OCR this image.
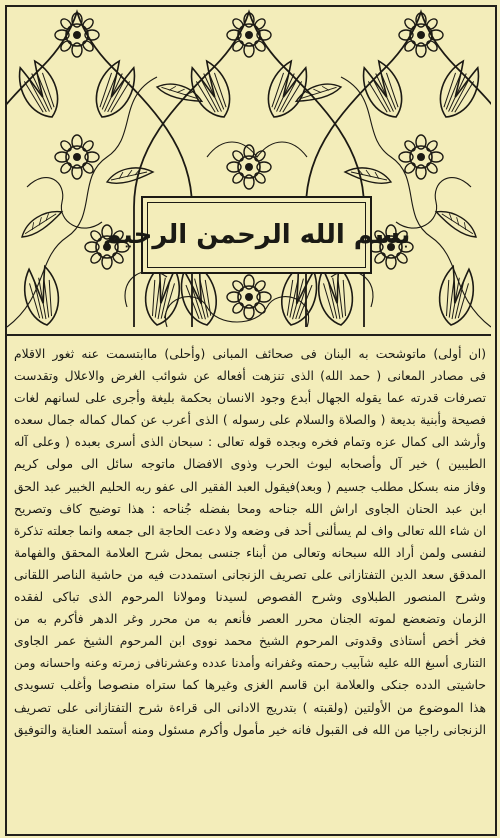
بسم الله الرحمن الرحيم
(ان أولى) ماتوشحت به البنان فى صحائف المبانى (وأحلى) ماابتسمت عنه ثغور الاقلام
فى مصادر المعانى ( حمد الله) الذى تنزهت أفعاله عن شوائب الغرض والاعلال وتقدست
تصرفات قدرته عما يقوله الجهال أبدع وجود الانسان بحكمة بليغة وأجرى على لسانهم لغات
فصيحة وأبنية بديعة ( والصلاة والسلام على رسوله ) الذى أعرب عن كمال كماله جمال سعده
وأرشد الى كمال عزه وتمام فخره وبجده قوله تعالى : سبحان الذى أسرى بعبده ( وعلى آله
الطيبين ) خير آل وأصحابه ليوث الحرب وذوى الافضال ماتوجه سائل الى مولى كريم
وفاز منه بسكل مطلب جسيم ( وبعد)فيقول العبد الفقير الى عفو ربه الحليم الخبير عبد الحق
ابن عبد الحنان الجاوى اراش الله جناحه ومحا بفضله جُناحه : هذا توضيح كاف وتصريح
ان شاء الله تعالى واف لم يسألنى أحد فى وضعه ولا دعت الحاجة الى جمعه وانما جعلته تذكرة
لنفسى ولمن أراد الله سبحانه وتعالى من أبناء جنسى بمحل شرح العلامة المحقق والفهامة
المدقق سعد الدين التفتازانى على تصريف الزنجانى استمددت فيه من حاشية الناصر اللقانى
وشرح المنصور الطبلاوى وشرح الفصوص لسيدنا ومولانا المرحوم الذى تباكى لفقده
الزمان وتضعضع لموته الجنان محرر العصر فأنعم به من محرر وغر الدهر فأكرم به من
فخر أخص أستاذى وقدوتى المرحوم الشيخ محمد نووى ابن المرحوم الشيخ عمر الجاوى
التنارى أسبغ الله عليه شآبيب رحمته وغفرانه وأمدنا عدده وعشرنافى زمرته وعنه واحسانه ومن
حاشيتى الدده جنكى والعلامة ابن قاسم الغزى وغيرها كما ستراه منصوصا وأغلب تسويدى
هذا الموضوع من الأولتين (ولقبته ) بتدريج الادانى الى قراءة شرح التفتازانى على تصريف
الزنجانى راجيا من الله فى القبول فانه خير مأمول وأكرم مسئول ومنه أستمد العناية والتوفيق
